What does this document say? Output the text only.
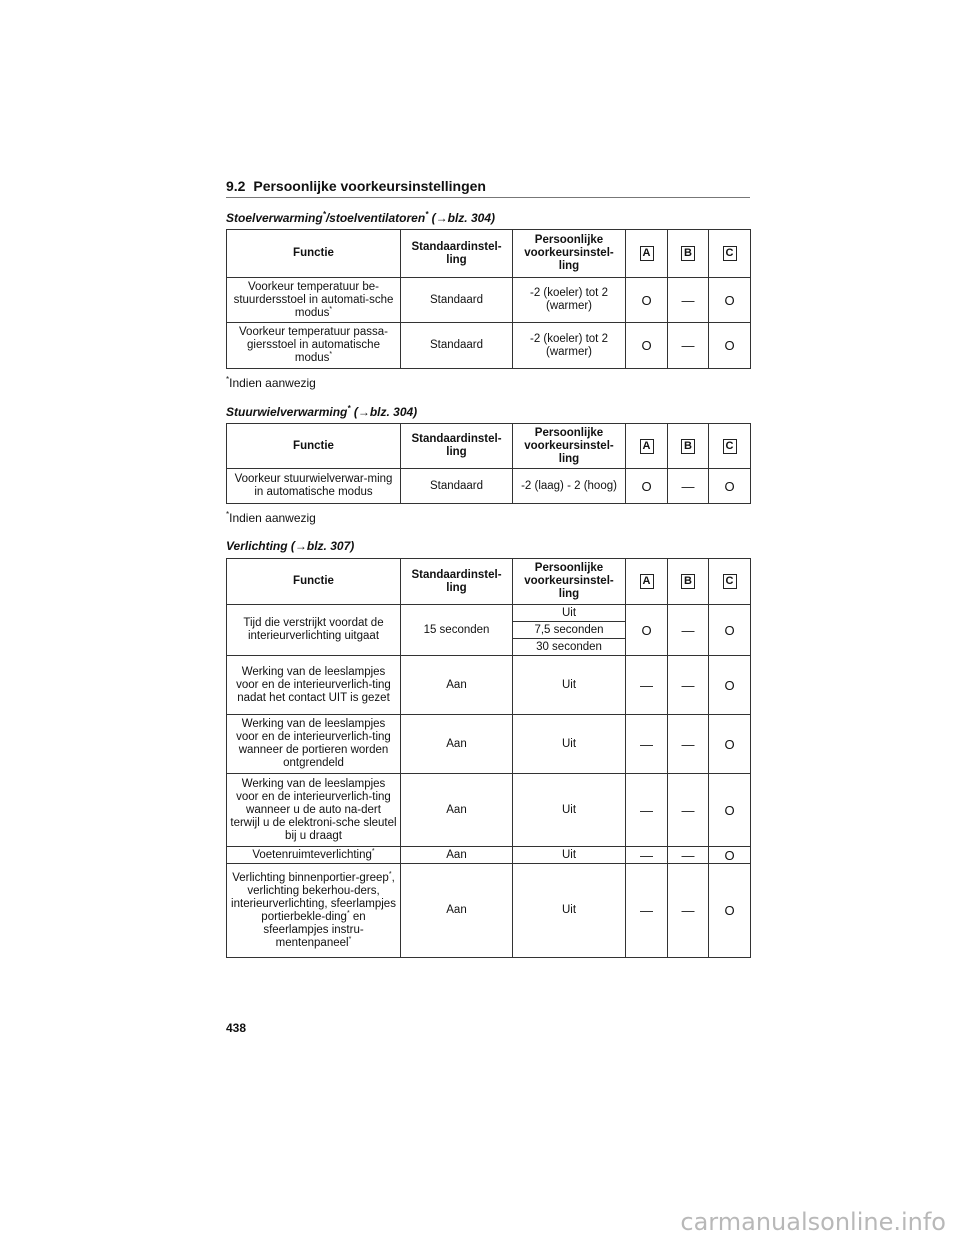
9.2 Persoonlijke voorkeursinstellingen
Stoelverwarming*/stoelventilatoren* (→blz. 304)
Functie	Standaardinstel-ling	Persoonlijke voorkeursinstel-ling	A	B	C
Voorkeur temperatuur be-stuurdersstoel in automati-sche modus*	Standaard	-2 (koeler) tot 2 (warmer)	O	—	O
Voorkeur temperatuur passa-giersstoel in automatische modus*	Standaard	-2 (koeler) tot 2 (warmer)	O	—	O
*Indien aanwezig
Stuurwielverwarming* (→blz. 304)
Functie	Standaardinstel-ling	Persoonlijke voorkeursinstel-ling	A	B	C
Voorkeur stuurwielverwar-ming in automatische modus	Standaard	-2 (laag) - 2 (hoog)	O	—	O
*Indien aanwezig
Verlichting (→blz. 307)
Functie	Standaardinstel-ling	Persoonlijke voorkeursinstel-ling	A	B	C
Tijd die verstrijkt voordat de interieurverlichting uitgaat	15 seconden	Uit	O	—	O
		7,5 seconden			
		30 seconden			
Werking van de leeslampjes voor en de interieurverlich-ting nadat het contact UIT is gezet	Aan	Uit	—	—	O
Werking van de leeslampjes voor en de interieurverlich-ting wanneer de portieren worden ontgrendeld	Aan	Uit	—	—	O
Werking van de leeslampjes voor en de interieurverlich-ting wanneer u de auto na-dert terwijl u de elektroni-sche sleutel bij u draagt	Aan	Uit	—	—	O
Voetenruimteverlichting*	Aan	Uit	—	—	O
Verlichting binnenportier-greep*, verlichting bekerhou-ders, interieurverlichting, sfeerlampjes portierbekle-ding* en sfeerlampjes instru-mentenpaneel*	Aan	Uit	—	—	O
438
carmanualsonline.info
